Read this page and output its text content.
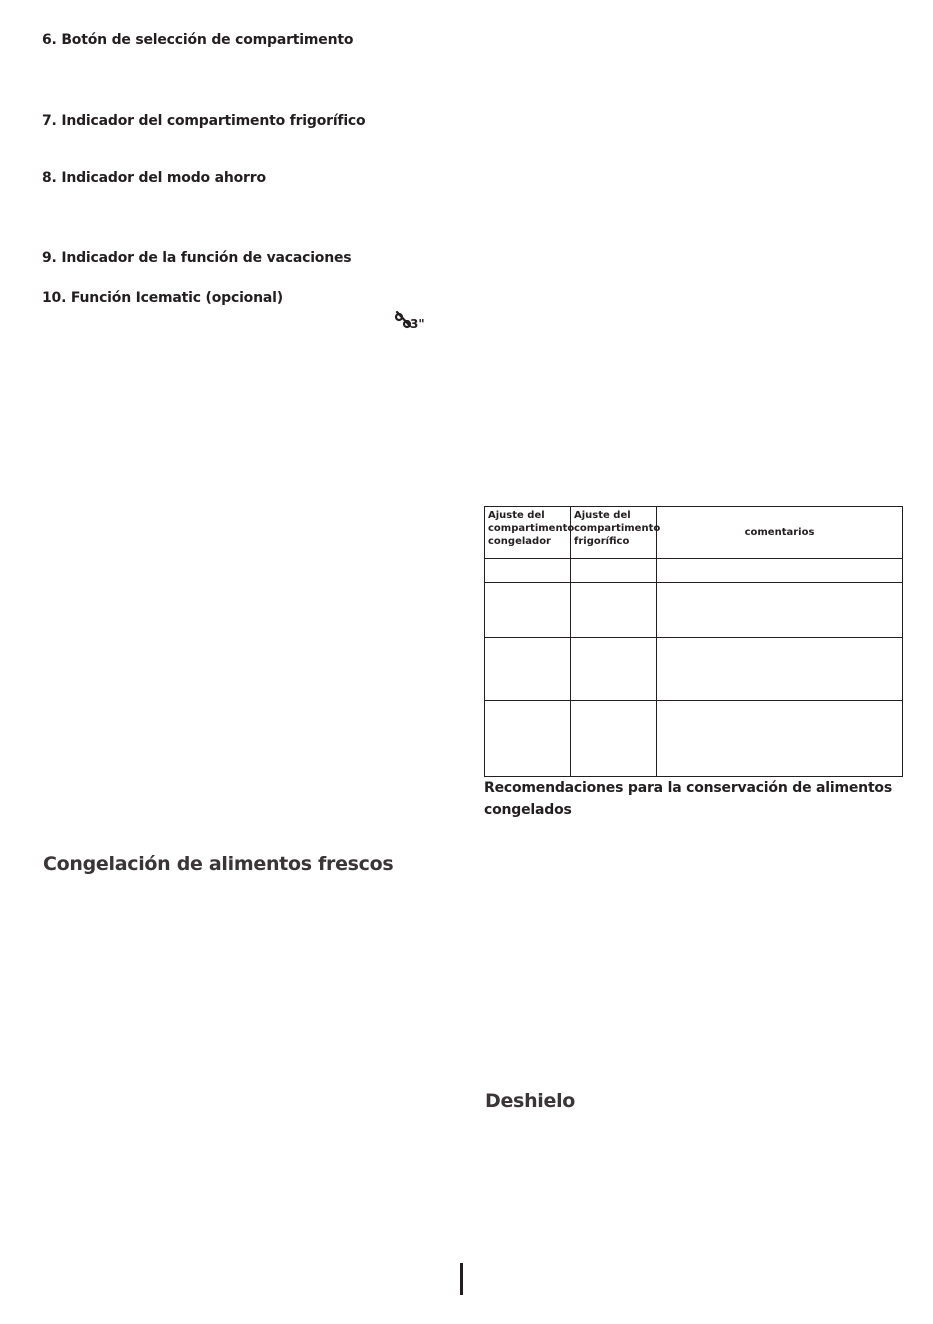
6. Botón de selección de compartimento
7. Indicador del compartimento frigorífico
8. Indicador del modo ahorro
9. Indicador de la función de vacaciones
10. Función Icematic (opcional)
3"
Congelación de alimentos frescos
Ajuste del compartimento congelador	Ajuste del compartimento frigorífico	comentarios

Recomendaciones para la conservación de alimentos congelados
Deshielo
